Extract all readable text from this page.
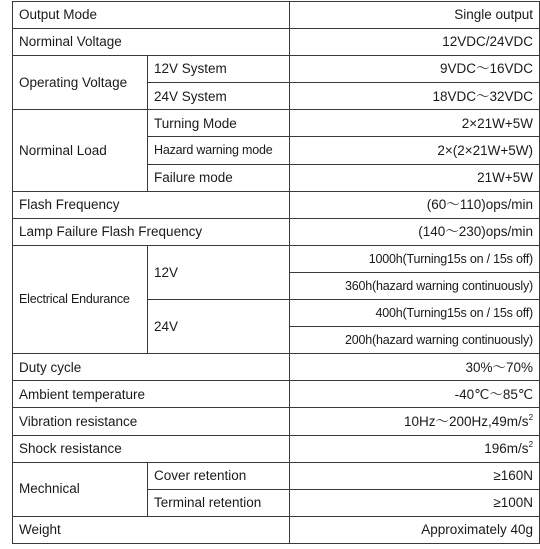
Output Mode		Single output
Norminal Voltage		12VDC/24VDC
Operating Voltage	12V System	9VDC～16VDC
	24V System	18VDC～32VDC
Norminal Load	Turning Mode	2×21W+5W
	Hazard warning mode	2×(2×21W+5W)
	Failure mode	21W+5W
Flash Frequency		(60～110)ops/min
Lamp Failure Flash Frequency		(140～230)ops/min
Electrical Endurance	12V	1000h(Turning15s on / 15s off)
		360h(hazard warning continuously)
	24V	400h(Turning15s on / 15s off)
		200h(hazard warning continuously)
Duty cycle		30%～70%
Ambient temperature		-40℃～85℃
Vibration resistance		$10Hz\sim 200Hz,49m/s^2$
Shock resistance		$196m/s^2$
Mechnical	Cover retention	≥160N
	Terminal retention	≥100N
Weight		Approximately 40g
